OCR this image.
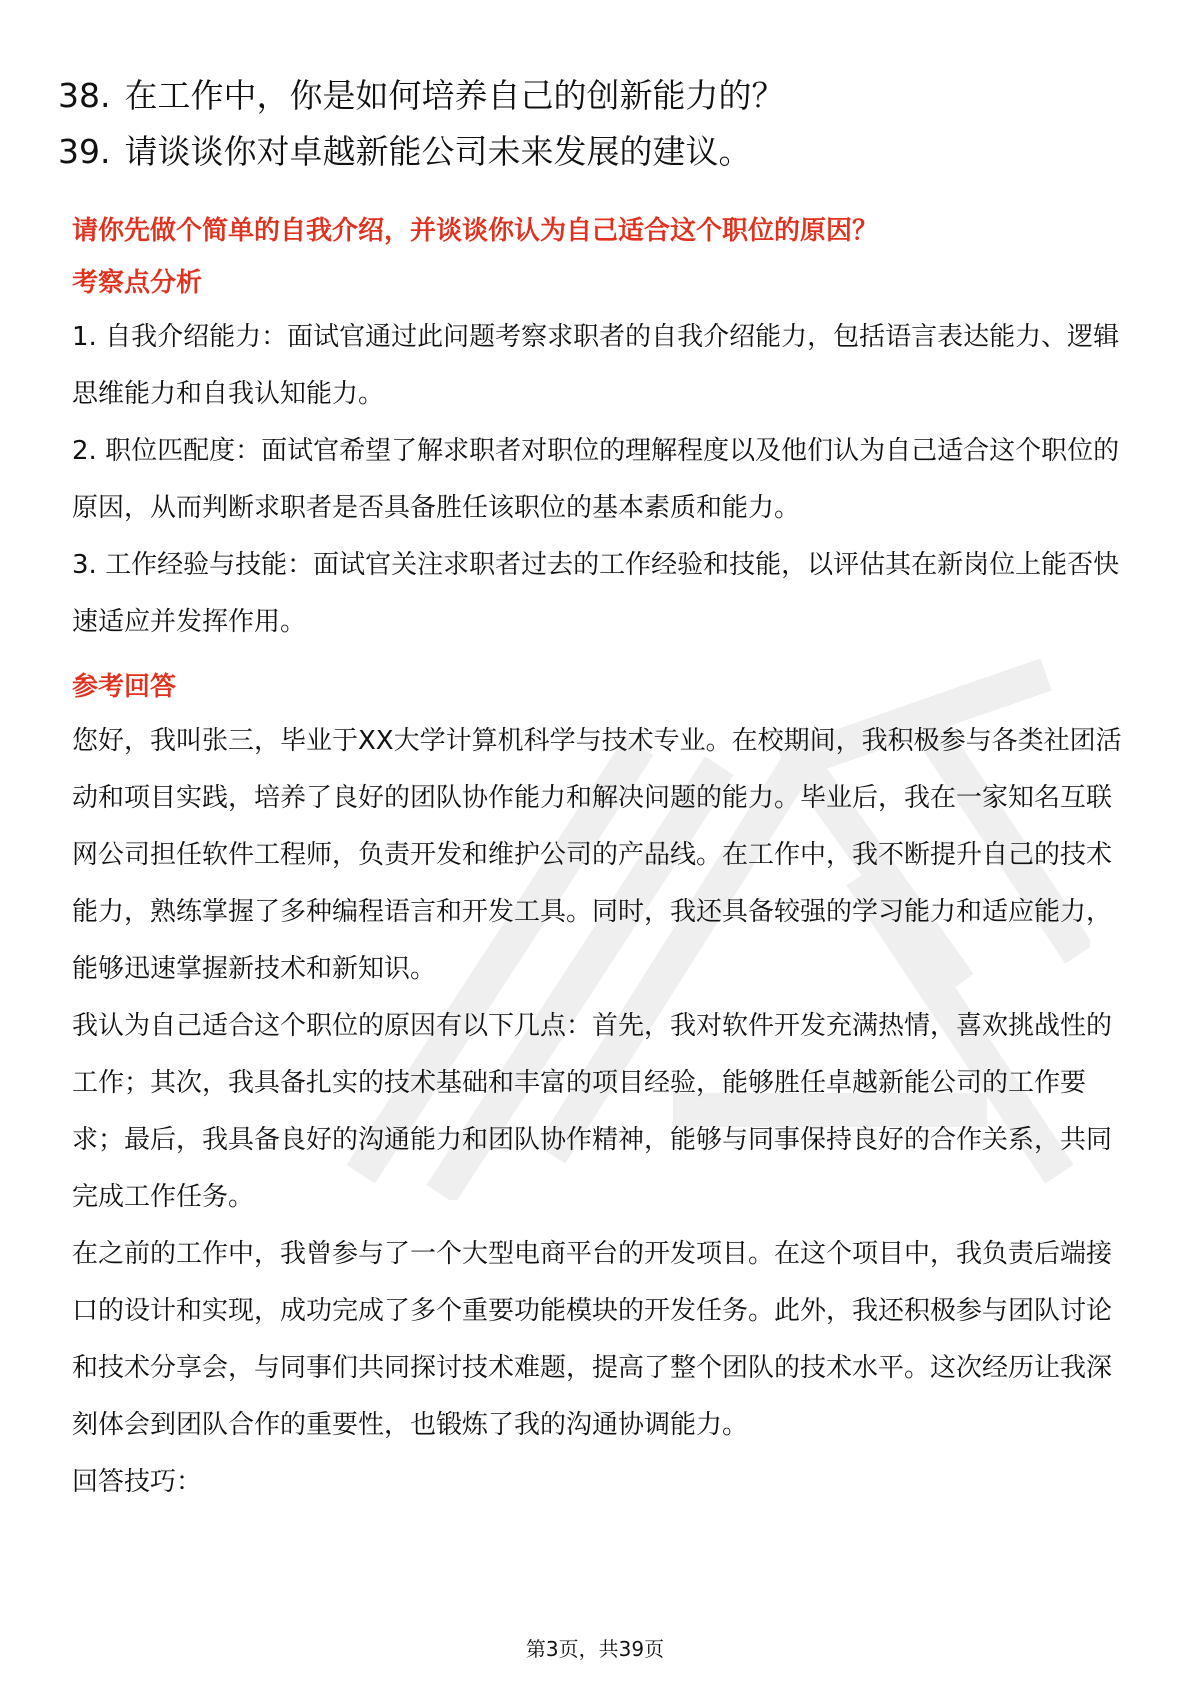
38. 在工作中，你是如何培养自己的创新能力的？
39. 请谈谈你对卓越新能公司未来发展的建议。

请你先做个简单的自我介绍，并谈谈你认为自己适合这个职位的原因？

考察点分析

1. 自我介绍能力：面试官通过此问题考察求职者的自我介绍能力，包括语言表达能力、逻辑思维能力和自我认知能力。

2. 职位匹配度：面试官希望了解求职者对职位的理解程度以及他们认为自己适合这个职位的原因，从而判断求职者是否具备胜任该职位的基本素质和能力。

3. 工作经验与技能：面试官关注求职者过去的工作经验和技能，以评估其在新岗位上能否快速适应并发挥作用。

参考回答

您好，我叫张三，毕业于XX大学计算机科学与技术专业。在校期间，我积极参与各类社团活动和项目实践，培养了良好的团队协作能力和解决问题的能力。毕业后，我在一家知名互联网公司担任软件工程师，负责开发和维护公司的产品线。在工作中，我不断提升自己的技术能力，熟练掌握了多种编程语言和开发工具。同时，我还具备较强的学习能力和适应能力，能够迅速掌握新技术和新知识。

我认为自己适合这个职位的原因有以下几点：首先，我对软件开发充满热情，喜欢挑战性的工作；其次，我具备扎实的技术基础和丰富的项目经验，能够胜任卓越新能公司的工作要求；最后，我具备良好的沟通能力和团队协作精神，能够与同事保持良好的合作关系，共同完成工作任务。

在之前的工作中，我曾参与了一个大型电商平台的开发项目。在这个项目中，我负责后端接口的设计和实现，成功完成了多个重要功能模块的开发任务。此外，我还积极参与团队讨论和技术分享会，与同事们共同探讨技术难题，提高了整个团队的技术水平。这次经历让我深刻体会到团队合作的重要性，也锻炼了我的沟通协调能力。

回答技巧：

第3页，共39页
